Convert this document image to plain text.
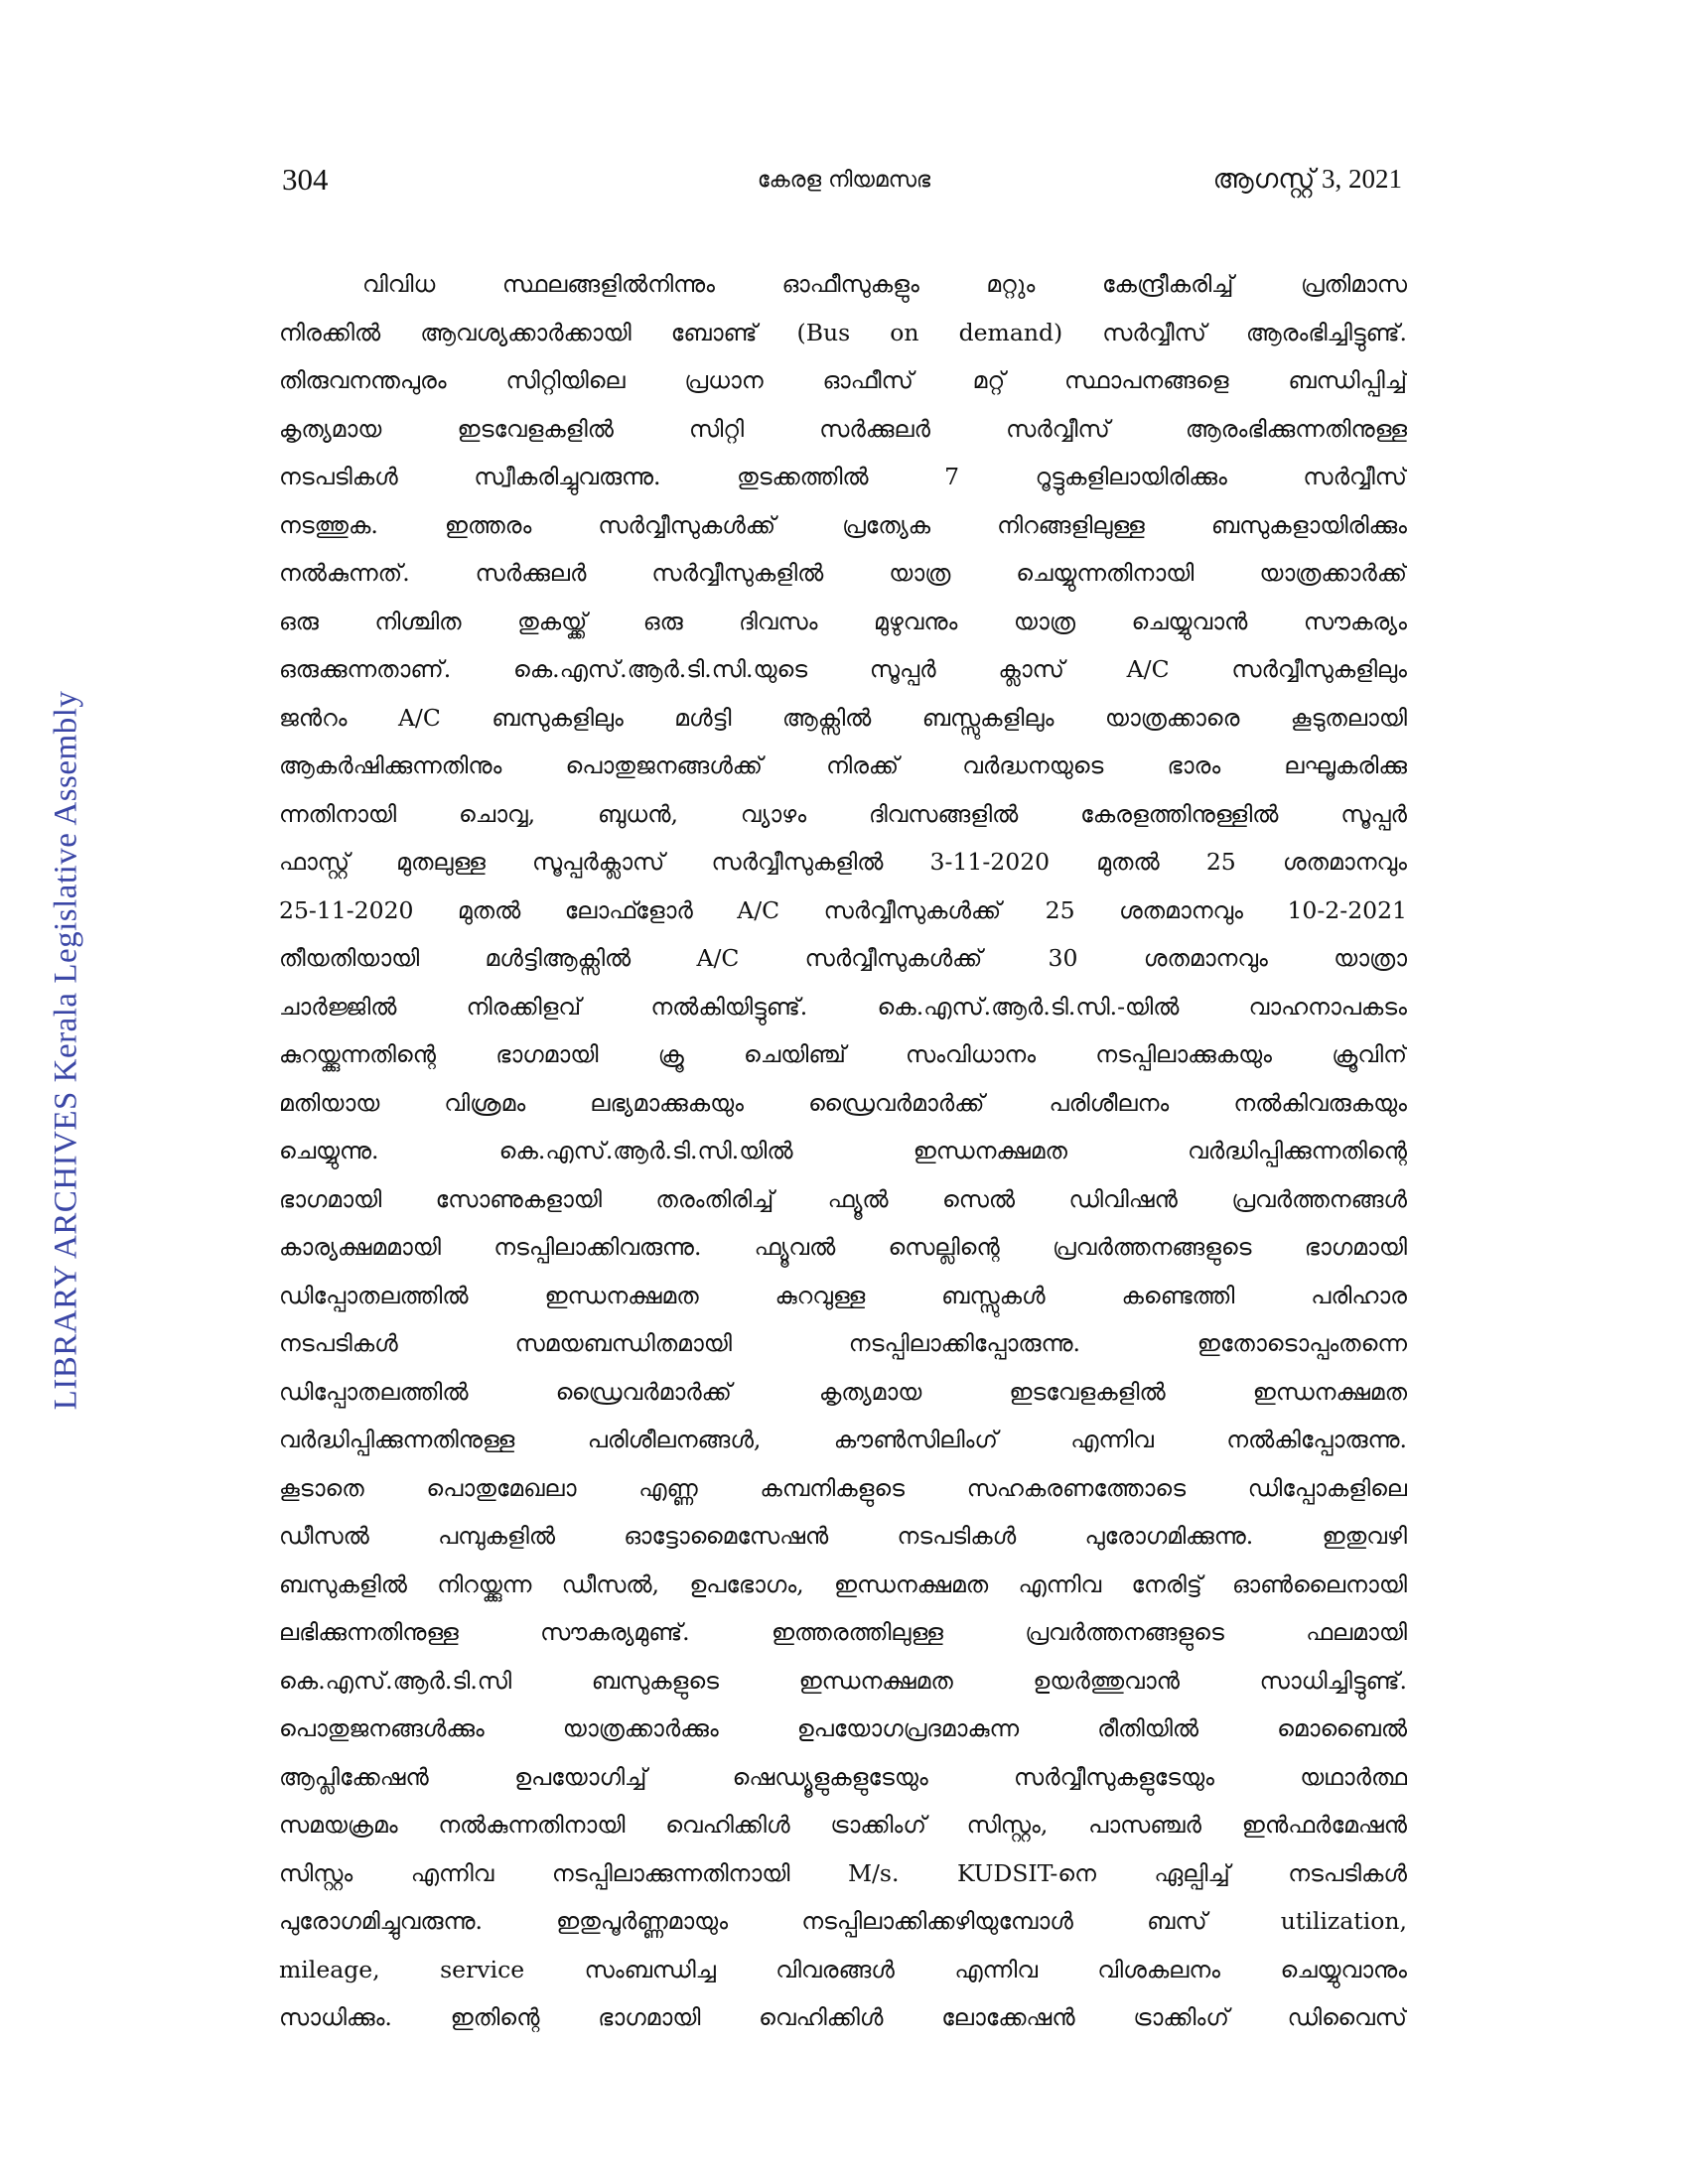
304	കേരള നിയമസഭ	ആഗസ്റ്റ് 3, 2021
LIBRARY ARCHIVES Kerala Legislative Assembly
വിവിധ സ്ഥലങ്ങളിൽനിന്നും ഓഫീസുകളും മറ്റും കേന്ദ്രീകരിച്ച് പ്രതിമാസ
നിരക്കിൽ ആവശ്യക്കാർക്കായി ബോണ്ട് (Bus on demand) സർവ്വീസ് ആരംഭിച്ചിട്ടുണ്ട്.
തിരുവനന്തപുരം സിറ്റിയിലെ പ്രധാന ഓഫീസ് മറ്റ് സ്ഥാപനങ്ങളെ ബന്ധിപ്പിച്ച്
കൃത്യമായ ഇടവേളകളിൽ സിറ്റി സർക്കുലർ സർവ്വീസ് ആരംഭിക്കുന്നതിനുള്ള
നടപടികൾ സ്വീകരിച്ചുവരുന്നു. തുടക്കത്തിൽ 7 റൂട്ടുകളിലായിരിക്കും സർവ്വീസ്
നടത്തുക. ഇത്തരം സർവ്വീസുകൾക്ക് പ്രത്യേക നിറങ്ങളിലുള്ള ബസുകളായിരിക്കും
നൽകുന്നത്. സർക്കുലർ സർവ്വീസുകളിൽ യാത്ര ചെയ്യുന്നതിനായി യാത്രക്കാർക്ക്
ഒരു നിശ്ചിത തുകയ്ക്ക് ഒരു ദിവസം മുഴുവനും യാത്ര ചെയ്യുവാൻ സൗകര്യം
ഒരുക്കുന്നതാണ്. കെ.എസ്.ആർ.ടി.സി.യുടെ സൂപ്പർ ക്ലാസ് A/C സർവ്വീസുകളിലും
ജൻറം A/C ബസുകളിലും മൾട്ടി ആക്സിൽ ബസ്സുകളിലും യാത്രക്കാരെ കൂടുതലായി
ആകർഷിക്കുന്നതിനും പൊതുജനങ്ങൾക്ക് നിരക്ക് വർദ്ധനയുടെ ഭാരം ലഘൂകരിക്കു
ന്നതിനായി ചൊവ്വ, ബുധൻ, വ്യാഴം ദിവസങ്ങളിൽ കേരളത്തിനുള്ളിൽ സൂപ്പർ
ഫാസ്റ്റ് മുതലുള്ള സൂപ്പർക്ലാസ് സർവ്വീസുകളിൽ 3-11-2020 മുതൽ 25 ശതമാനവും
25-11-2020 മുതൽ ലോഫ്ളോർ A/C സർവ്വീസുകൾക്ക് 25 ശതമാനവും 10-2-2021
തീയതിയായി മൾട്ടിആക്സിൽ A/C സർവ്വീസുകൾക്ക് 30 ശതമാനവും യാത്രാ
ചാർജ്ജിൽ നിരക്കിളവ് നൽകിയിട്ടുണ്ട്. കെ.എസ്.ആർ.ടി.സി.-യിൽ വാഹനാപകടം
കുറയ്ക്കുന്നതിന്റെ ഭാഗമായി ക്രൂ ചെയിഞ്ച് സംവിധാനം നടപ്പിലാക്കുകയും ക്രൂവിന്
മതിയായ വിശ്രമം ലഭ്യമാക്കുകയും ഡ്രൈവർമാർക്ക് പരിശീലനം നൽകിവരുകയും
ചെയ്യുന്നു. കെ.എസ്.ആർ.ടി.സി.യിൽ ഇന്ധനക്ഷമത വർദ്ധിപ്പിക്കുന്നതിന്റെ
ഭാഗമായി സോണുകളായി തരംതിരിച്ച് ഫ്യൂൽ സെൽ ഡിവിഷൻ പ്രവർത്തനങ്ങൾ
കാര്യക്ഷമമായി നടപ്പിലാക്കിവരുന്നു. ഫ്യൂവൽ സെല്ലിന്റെ പ്രവർത്തനങ്ങളുടെ ഭാഗമായി
ഡിപ്പോതലത്തിൽ ഇന്ധനക്ഷമത കുറവുള്ള ബസ്സുകൾ കണ്ടെത്തി പരിഹാര
നടപടികൾ സമയബന്ധിതമായി നടപ്പിലാക്കിപ്പോരുന്നു. ഇതോടൊപ്പംതന്നെ
ഡിപ്പോതലത്തിൽ ഡ്രൈവർമാർക്ക് കൃത്യമായ ഇടവേളകളിൽ ഇന്ധനക്ഷമത
വർദ്ധിപ്പിക്കുന്നതിനുള്ള പരിശീലനങ്ങൾ, കൗൺസിലിംഗ് എന്നിവ നൽകിപ്പോരുന്നു.
കൂടാതെ പൊതുമേഖലാ എണ്ണ കമ്പനികളുടെ സഹകരണത്തോടെ ഡിപ്പോകളിലെ
ഡീസൽ പമ്പുകളിൽ ഓട്ടോമൈസേഷൻ നടപടികൾ പുരോഗമിക്കുന്നു. ഇതുവഴി
ബസുകളിൽ നിറയ്ക്കുന്ന ഡീസൽ, ഉപഭോഗം, ഇന്ധനക്ഷമത എന്നിവ നേരിട്ട് ഓൺലൈനായി
ലഭിക്കുന്നതിനുള്ള സൗകര്യമുണ്ട്. ഇത്തരത്തിലുള്ള പ്രവർത്തനങ്ങളുടെ ഫലമായി
കെ.എസ്.ആർ.ടി.സി ബസുകളുടെ ഇന്ധനക്ഷമത ഉയർത്തുവാൻ സാധിച്ചിട്ടുണ്ട്.
പൊതുജനങ്ങൾക്കും യാത്രക്കാർക്കും ഉപയോഗപ്രദമാകുന്ന രീതിയിൽ മൊബൈൽ
ആപ്ലിക്കേഷൻ ഉപയോഗിച്ച് ഷെഡ്യൂളുകളുടേയും സർവ്വീസുകളുടേയും യഥാർത്ഥ
സമയക്രമം നൽകുന്നതിനായി വെഹിക്കിൾ ട്രാക്കിംഗ് സിസ്റ്റം, പാസഞ്ചർ ഇൻഫർമേഷൻ
സിസ്റ്റം എന്നിവ നടപ്പിലാക്കുന്നതിനായി M/s. KUDSIT-നെ ഏല്പിച്ച് നടപടികൾ
പുരോഗമിച്ചുവരുന്നു. ഇതുപൂർണ്ണമായും നടപ്പിലാക്കിക്കഴിയുമ്പോൾ ബസ് utilization,
mileage, service സംബന്ധിച്ച വിവരങ്ങൾ എന്നിവ വിശകലനം ചെയ്യുവാനും
സാധിക്കും. ഇതിന്റെ ഭാഗമായി വെഹിക്കിൾ ലോക്കേഷൻ ട്രാക്കിംഗ് ഡിവൈസ്
